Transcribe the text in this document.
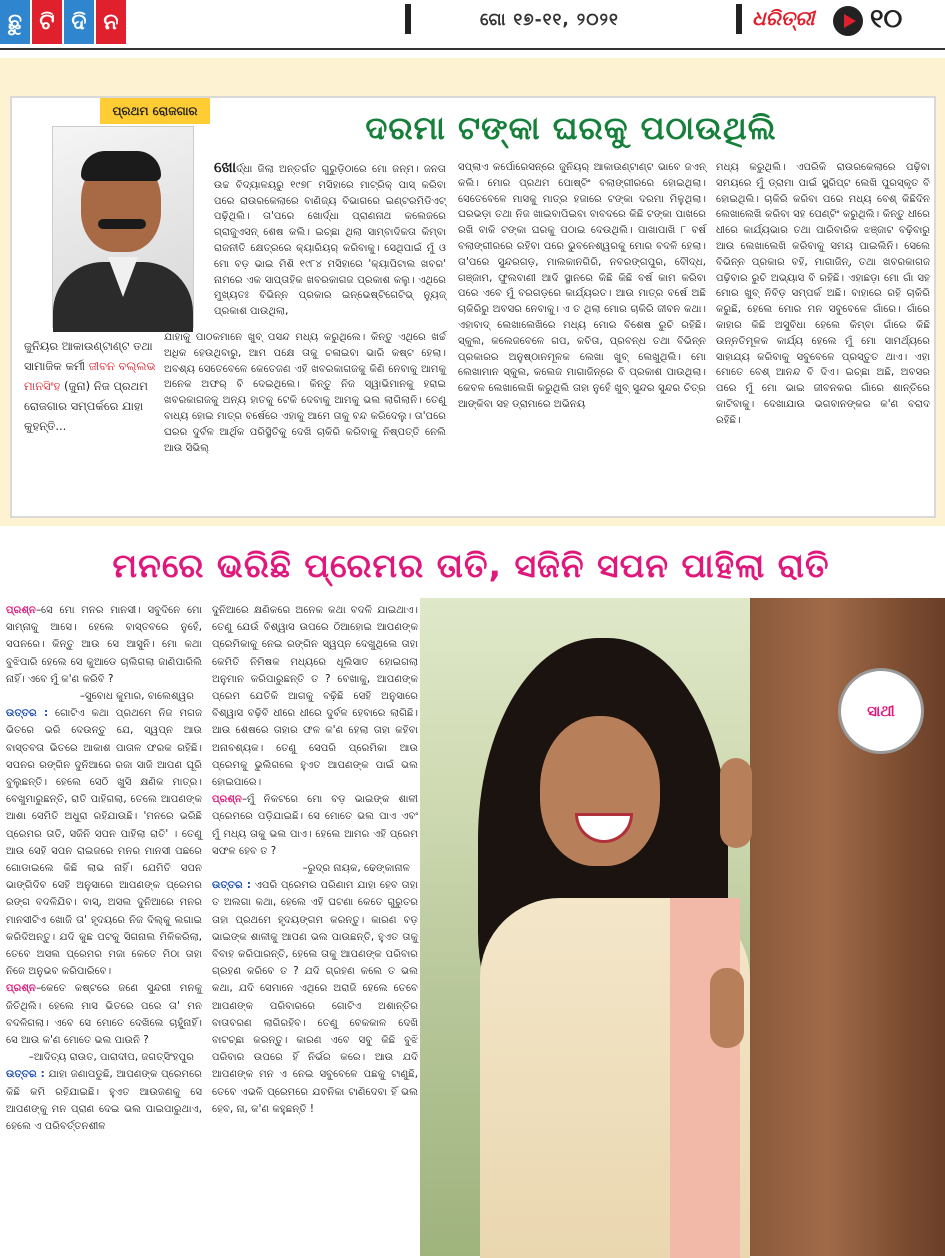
ଛୁ ଟି ଦି ନ	ଗୋ ୧୭-୧୧, ୨୦୨୧	ଧରିତ୍ରୀ ୧୦
ପ୍ରଥମ ରୋଜଗାର
ଜୁନିୟର ଆକାଉଣ୍ଟାଣ୍ଟ ତଥା ସାମାଜିକ କର୍ମୀ ଜୀବନ ବଲ୍ଲଭ ମାନସିଂହ (ଜୁନା) ନିଜ ପ୍ରଥମ ରୋଜଗାର ସମ୍ପର୍କରେ ଯାହା କୁହନ୍ତି...
ଦରମା ଟଙ୍କା ଘରକୁ ପଠାଉଥିଲି
ଖୋର୍ଦ୍ଧା ଜିଲା ଅନ୍ତର୍ଗତ ଗୁରୁଡ଼ିଠାରେ ମୋ ଜନ୍ମ। ଜନତା ଉଚ୍ଚ ବିଦ୍ୟାଳୟରୁ ୧୯୭୮ ମସିହାରେ ମାଟ୍ରିକ୍ ପାସ୍ କରିବା ପରେ ରାଉରକେଲାରେ ବାଣିଜ୍ୟ ବିଭାଗରେ ଇଣ୍ଟରମିଡିଏଟ୍ ପଢ଼ିଥିଲି। ତା'ପରେ ଖୋର୍ଦ୍ଧା ପ୍ରାଣନାଥ କଲେଜରେ ଗ୍ରାଜୁଏସନ୍ ଶେଷ କଲି। ଇଚ୍ଛା ଥିଲା ସାମ୍ବାଦିକତା କିମ୍ବା ରାଜନୀତି କ୍ଷେତ୍ରରେ କ୍ୟାରିୟର୍ କରିବାକୁ। ସେଥିପାଇଁ ମୁଁ ଓ ମୋ ବଡ଼ ଭାଇ ମିଶି ୧୯୮୪ ମସିହାରେ 'କ୍ୟାପିଟାଲ ଖବର' ନାମରେ ଏକ ସାପ୍ତାହିକ ଖବରକାଗଜ ପ୍ରକାଶ କଲୁ। ଏଥିରେ ମୁଖ୍ୟତଃ ବିଭିନ୍ନ ପ୍ରକାର ଇନ୍‌ଭେଷ୍ଟିଗେଟିଭ୍ ନ୍ୟୁଜ୍ ପ୍ରକାଶ ପାଉଥିଲା,
ଯାହାକୁ ପାଠକମାନେ ଖୁବ୍ ପସନ୍ଦ ମଧ୍ୟ କରୁଥିଲେ। କିନ୍ତୁ ଏଥିରେ ଖର୍ଚ୍ଚ ଅଧିକ ହେଉଥିବାରୁ, ଆମ ପକ୍ଷେ ତାକୁ ଚଳାଇବା ଭାରି କଷ୍ଟ ହେଲା। ଅବଶ୍ୟ ସେତେବେଳେ କେତେଜଣ ଏହି ଖବରକାଗଜକୁ କିଣି ନେବାକୁ ଆମକୁ ଅନେକ ଅଫର୍ ବି ଦେଇଥିଲେ। କିନ୍ତୁ ନିଜ ସ୍ୱାଭିମାନକୁ ହରାଇ ଖବରକାଗଜକୁ ଅନ୍ୟ ହାତକୁ ଟେକି ଦେବାକୁ ଆମକୁ ଭଲ ଲାଗିଲାନି। ତେଣୁ ବାଧ୍ୟ ହୋଇ ମାତ୍ର ବର୍ଷେରେ ଏହାକୁ ଆମେ ତାକୁ ବନ୍ଦ କରିଦେଲୁ। ତା'ପରେ ଘରର ଦୁର୍ବଳ ଆର୍ଥିକ ପରିସ୍ଥିତିକୁ ଦେଖି ଚାକିରି କରିବାକୁ ନିଷ୍ପତ୍ତି ନେଲି ଆଉ ସିଭିଲ୍
ସପ୍ଲାଏ କର୍ପୋରେସନ୍‌ରେ ଜୁନିୟର୍ ଆକାଉଣ୍ଟାଣ୍ଟ ଭାବେ ଜଏନ୍ କଲି। ମୋର ପ୍ରଥମ ପୋଷ୍ଟିଂ ବଲାଙ୍ଗୀରରେ ହୋଇଥିଲା। ସେତେବେଳେ ମାସକୁ ମାତ୍ର ହଜାରେ ଟଙ୍କା ଦରମା ମିଳୁଥିଲା। ଘରଭଡ଼ା ତଥା ନିଜ ଖାଇବାପିଇବା ବାବଦରେ କିଛି ଟଙ୍କା ପାଖରେ ରଖି ବାକି ଟଙ୍କା ଘରକୁ ପଠାଇ ଦେଉଥିଲି। ପାଖାପାଖି ୮ ବର୍ଷ ବଲାଙ୍ଗୀରରେ ରହିବା ପରେ ଭୁବନେଶ୍ୱରକୁ ମୋର ବଦଳି ହେଲା। ତା'ପରେ ସୁନ୍ଦରଗଡ଼, ମାଲକାନଗିରି, ନବରଙ୍ଗପୁର, ବୌଦ୍ଧ, ଗଞ୍ଜାମ, ଫୁଲବାଣୀ ଆଦି ସ୍ଥାନରେ କିଛି କିଛି ବର୍ଷ କାମ କରିବା ପରେ ଏବେ ମୁଁ ବରଗଡ଼ରେ କାର୍ଯ୍ୟରତ। ଆଉ ମାତ୍ର ବର୍ଷେ ଅଛି ଚାକିରିରୁ ଅବସର ନେବାକୁ। ଏ ତ ଥିଲା ମୋର ଚାକିରି ଜୀବନ କଥା। ଏହାବାଦ୍ ଲେଖାଲେଖିରେ ମଧ୍ୟ ମୋର ବିଶେଷ ରୁଚି ରହିଛି। ସ୍କୁଲ, କଲେଜବେଳେ ଗପ, କବିତା, ପ୍ରବନ୍ଧ ତଥା ବିଭିନ୍ନ ପ୍ରକାରର ଅନୁଷ୍ଠାନମୂଳକ ଲେଖା ଖୁବ୍ ଲେଖୁଥିଲି। ମୋ ଲେଖାମାନ ସ୍କୁଲ, କଲେଜ ମାଗାଜିନ୍‌ରେ ବି ପ୍ରକାଶ ପାଉଥିଲା। କେବଳ ଲେଖାଲେଖି କରୁଥିଲି ତାହା ନୁହେଁ ଖୁବ୍ ସୁନ୍ଦର ସୁନ୍ଦର ଚିତ୍ର ଆଙ୍କିବା ସହ ଡ୍ରାମାରେ ଅଭିନୟ
ମଧ୍ୟ କରୁଥିଲି। ଏପରିକି ରାଉରକେଲାରେ ପଢ଼ିବା ସମୟରେ ମୁଁ ଡ୍ରାମା ପାଇଁ ସ୍କ୍ରିପ୍ଟ ଲେଖି ପୁରସ୍କୃତ ବି ହୋଇଥିଲି। ଚାକିରି କରିବା ପରେ ମଧ୍ୟ ବେଶ୍ କିଛିଦିନ ଲେଖାଲେଖି କରିବା ସହ ପେଣ୍ଟିଂ କରୁଥିଲି। କିନ୍ତୁ ଧୀରେ ଧୀରେ କାର୍ଯ୍ୟଭାର ତଥା ପାରିବାରିକ ଝଞ୍ଜାଟ ବଢ଼ିବାରୁ ଆଉ ଲେଖାଲେଖି କରିବାକୁ ସମୟ ପାଇଲିନି। ସେଲେ ବିଭିନ୍ନ ପ୍ରକାର ବହି, ମାଗାଜିନ୍, ତଥା ଖବରକାଗଜ ପଢ଼ିବାର ରୁଚି ଅଭ୍ୟାସ ବି ରହିଛି। ଏହାଛଡ଼ା ମୋ ଗାଁ ସହ ମୋର ଖୁବ୍ ନିବିଡ଼ ସମ୍ପର୍କ ଅଛି। ବାହାରେ ରହି ଚାକିରି କରୁଛି, ହେଲେ ମୋର ମନ ସବୁବେଳେ ଗାଁରେ। ଗାଁରେ କାହାର କିଛି ଅସୁବିଧା ହେଲେ କିମ୍ବା ଗାଁରେ କିଛି ଉନ୍ନତିମୂଳକ କାର୍ଯ୍ୟ ହେଲେ ମୁଁ ମୋ ସାମର୍ଥ୍ୟରେ ସାହାଯ୍ୟ କରିବାକୁ ସବୁବେଳେ ପ୍ରସ୍ତୁତ ଥାଏ। ଏହା ମୋତେ ବେଶ୍ ଆନନ୍ଦ ବି ଦିଏ। ଇଚ୍ଛା ଅଛି, ଅବସର ପରେ ମୁଁ ମୋ ଭାଇ ଜୀବନକର ଗାଁରେ ଶାନ୍ତିରେ କାଟିବାକୁ। ଦେଖାଯାଉ ଭଗବାନଙ୍କର କ'ଣ ବରାଦ ରହିଛି।
ମନରେ ଭରିଛି ପ୍ରେମର ତାତି, ସଜିନି ସପନ ପାହିଲା ରାତି
ପ୍ରଶ୍ନ–ସେ ମୋ ମନର ମାନସୀ। ସବୁଦିନେ ମୋ ସାମ୍ନାକୁ ଆସେ। ହେଲେ ବାସ୍ତବରେ ନୁହେଁ, ସପନରେ। କିନ୍ତୁ ଆଉ ସେ ଆସୁନି। ମୋ କଥା ବୁଝିପାରି ହେଲେ ସେ କୁଆଡେ ଚାଲିଗଲା ଜାଣିପାରିଲି ନାହିଁ। ଏବେ ମୁଁ କ'ଣ କରିବି ?
–ସୁବୋଧ କୁମାର, ବାଲେଶ୍ୱର
ଉତ୍ତର : ଗୋଟିଏ କଥା ପ୍ରଥମେ ନିଜ ମଗଜ ଭିତରେ ଭରି ଦେଉନ୍ତୁ ଯେ, ସ୍ୱପ୍ନ ଆଉ ବାସ୍ତବତା ଭିତରେ ଆକାଶ ପାତାଳ ଫରକ ରହିଛି। ସପନର ରଙ୍ଗିନ ଦୁନିଆରେ ରଜା ସାଜି ଆପଣ ଘୂରି ବୁଲୁଛନ୍ତି। ହେଲେ ସେଠି ଖୁସି କ୍ଷଣିକ ମାତ୍ର। ବେଖୁମାରୁଛନ୍ତି, ରାତି ପାହିଗଲା, ତେଲେ ଆପଣଙ୍କ ଆଶା ସେମିତି ଅଧୁରା ରହିଯାଉଛି। 'ମନରେ ଭରିଛି ପ୍ରେମର ତାତି, ସଜିନି ସପନ ପାହିଲା ରାତି' । ତେଣୁ ଆଉ ସେହି ସପନ ରାଇଜରେ ମନର ମାନସୀ ପଛରେ ଗୋଡାଇଲେ କିଛି ଲାଭ ନାହିଁ। ଯେମିତି ସପନ ଭାଙ୍ଗିଦିବ ସେହି ଅନୁସାରେ ଆପଣଙ୍କ ପ୍ରେମର ରଙ୍ଗ ବଦଳିଯିବ। ବାସ୍, ଅସଲ ଦୁନିଆରେ ମନର ମାନସୀଟିଏ ଖୋଜି ତା' ହୃଦୟରେ ନିଜ ଦିଲ୍‌କୁ ଲଗାଇ କରିଦିଅନ୍ତୁ। ଯଦି କୁଛ ପଟକୁ ସିଗନାଲ ମିଳିକରିଲା, ତେବେ ଅସଲ ପ୍ରେମର ମଜା କେତେ ମିଠା ତାହା ନିଜେ ଅନୁଭବ କରିପାରିବେ।
ପ୍ରଶ୍ନ–କେତେ କଷ୍ଟରେ ଜଣେ ସୁନ୍ଦରୀ ମନକୁ ଜିତିଥିଲି। ହେଲେ ମାସ ଭିତରେ ପରେ ତା' ମନ ବଦଳିଗଲା। ଏବେ ସେ ମୋତେ ଦେଖିଲେ ଚାହୁଁନାହିଁ। ସେ ଆଉ କ'ଣ ମୋତେ ଭଲ ପାଉନି ?
–ଆଦିତ୍ୟ ରାଉତ, ପାରାଦୀପ, ଜଗତ୍‌ସିଂହପୁର
ଉତ୍ତର : ଯାହା ଜଣାପଡୁଛି, ଆପଣଙ୍କ ପ୍ରେମରେ କିଛି କମି ରହିଯାଇଛି। ହୁଏତ ଆଉଜଣକୁ ସେ ଆପଣଙ୍କୁ ମନ ପ୍ରାଣ ଦେଇ ଭଲ ପାଇପାରୁଥାଏ, ହେଲେ ଏ ପରିବର୍ତ୍ତନଶୀଳ
ଦୁନିଆରେ କ୍ଷଣିକରେ ଅନେକ କଥା ବଦଳି ଯାଇଥାଏ। ତେଣୁ ଯେଉଁ ବିଶ୍ୱାସ ଉପରେ ଠିଆହୋଇ ଆପଣଙ୍କ ପ୍ରେମିକାକୁ ନେଇ ରଙ୍ଗିନ ସ୍ୱପ୍ନ ଦେଖୁଥିଲେ ତାହା କେମିତି ନିମିଷକ ମଧ୍ୟରେ ଧୂଲିସାତ ହୋଇଗଲା ଅନୁମାନ କରିପାରୁଛନ୍ତି ତ ? ବେଖାକୁ, ଆପଣଙ୍କ ପ୍ରେମ ଯେତିକି ଆଗକୁ ବଢ଼ିଛି ସେହି ଅନୁସାରେ ବିଶ୍ୱାସ ବଢ଼ିବି ଧୀରେ ଧୀରେ ଦୁର୍ବଳ ହେବାରେ ଲାଗିଛି। ଆଉ ଶେଷରେ ତାହାର ଫଳ କ'ଣ ହେଲା ତାହା କହିବା ଅନାବଶ୍ୟକ। ତେଣୁ ସେପରି ପ୍ରେମିକା ଆଉ ପ୍ରେମକୁ ଭୁଲିଗଲେ ହୁଏତ ଆପଣଙ୍କ ପାଇଁ ଭଲ ହୋଇପାରେ।
ପ୍ରଶ୍ନ–ମୁଁ ନିକଟରେ ମୋ ବଡ଼ ଭାଇଙ୍କ ଶାଳୀ ପ୍ରେମରେ ପଡ଼ିଯାଇଛି। ସେ ମୋତେ ଭଲ ପାଏ ଏବଂ ମୁଁ ମଧ୍ୟ ତାକୁ ଭଲ ପାଏ। ହେଲେ ଆମର ଏହି ପ୍ରେମ ସଫଳ ହେବ ତ ?
–ରୁଦ୍ର ନାୟକ, ଢେଙ୍କାନାଳ
ଉତ୍ତର : ଏପରି ପ୍ରେମର ପରିଣାମ ଯାହା ହେବ ତାହା ତ ଅଲଗା କଥା, ହେଲେ ଏହି ଘଟଣା କେତେ ଗୁରୁତର ତାହା ପ୍ରଥମେ ହୃଦୟଙ୍ଗମ କରନ୍ତୁ। କାରଣ ବଡ଼ ଭାଇଙ୍କ ଶାଳୀକୁ ଆପଣ ଭଲ ପାଉଛନ୍ତି, ହୁଏତ ତାକୁ ବିବାହ କରିପାରନ୍ତି, ହେଲେ ତାକୁ ଆପଣଙ୍କ ପରିବାର ଗ୍ରହଣ କରିବେ ତ ? ଯଦି ଗ୍ରହଣ କଲେ ତ ଭଲ କଥା, ଯଦି ସେମାନେ ଏଥିରେ ଅରାଜି ହେଲେ ତେବେ ଆପଣଙ୍କ ପରିବାରରେ ଗୋଟିଏ ଅଶାନ୍ତିର ବାତାବରଣ ଲାଗିରହିବ। ତେଣୁ ବେକକାଳ ଦେଖି ବାଟଚ୍ଛା କରନ୍ତୁ। କାରଣ ଏବେ ସବୁ କିଛି ବୁଝି ପରିବାର ଉପରେ ହିଁ ନିର୍ଭର କରେ। ଆଉ ଯଦି ଆପଣଙ୍କ ମନ ଏ ନେଇ ସବୁବେଳେ ପଛକୁ ଟାଣୁଛି, ତେବେ ଏଭଳି ପ୍ରେମରେ ଯବନିକା ଟାଣିଦେବା ହିଁ ଭଲ ହେବ, ନା, କ'ଣ କହୁଛନ୍ତି !
ସାଥୀ
